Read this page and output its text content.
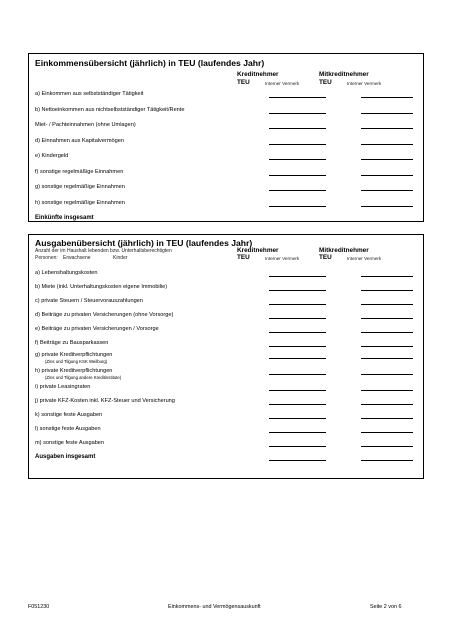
Einkommensübersicht (jährlich) in TEU (laufendes Jahr)
Kreditnehmer	Mitkreditnehmer
TEU	Interner Vermerk	TEU	Interner Vermerk
a) Einkommen aus selbstständiger Tätigkeit
b) Nettoeinkommen aus nichtselbstständiger Tätigkeit/Rente
Miet- / Pachteinnahmen (ohne Umlagen)
d) Einnahmen aus Kapitalvermögen
e) Kindergeld
f) sonstige regelmäßige Einnahmen
g) sonstige regelmäßige Einnahmen
h) sonstige regelmäßige Einnahmen
Einkünfte insgesamt
Ausgabenübersicht (jährlich) in TEU (laufendes Jahr)
Anzahl der im Haushalt lebenden bzw. Unterhaltsberechtigten
Personen: Erwachsene	Kinder
Kreditnehmer	Mitkreditnehmer
TEU	Interner Vermerk	TEU	Interner Vermerk
a) Lebenshaltungskosten
b) Miete (inkl. Unterhaltungskosten eigene Immobilie)
c) private Steuern / Steuervorauszahlungen
d) Beiträge zu privaten Versicherungen (ohne Vorsorge)
e) Beiträge zu privaten Versicherungen / Vorsorge
f) Beiträge zu Bausparkassen
g) private Kreditverpflichtungen
(Zins und Tilgung KSK Weilburg)
h) private Kreditverpflichtungen
(Zins und Tilgung andere Kreditinstitute)
i) private Leasingraten
j) private KFZ-Kosten inkl. KFZ-Steuer und Versicherung
k) sonstige feste Ausgaben
l) sonstige feste Ausgaben
m) sonstige feste Ausgaben
Ausgaben insgesamt
F051230	Einkommens- und Vermögensauskunft	Seite 2 von 6
